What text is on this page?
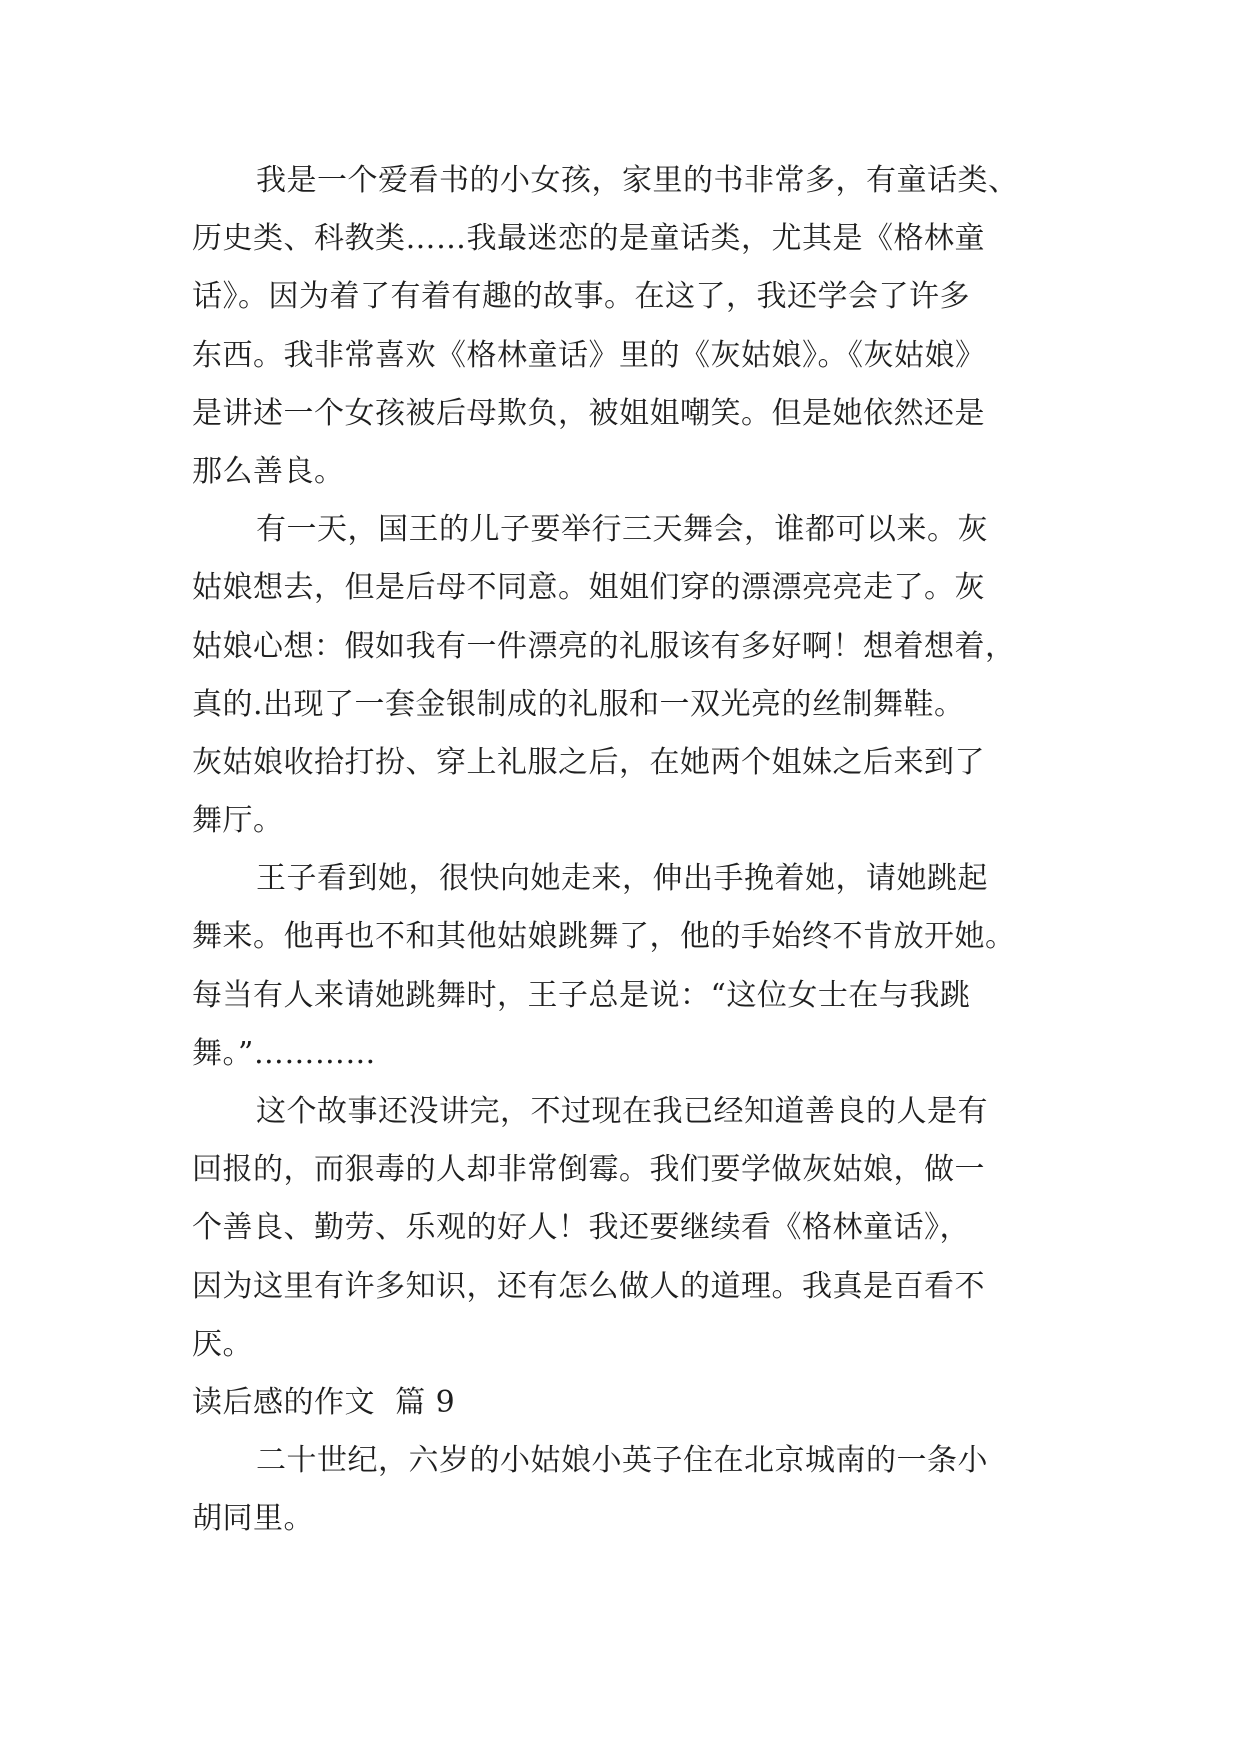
我是一个爱看书的小女孩，家里的书非常多，有童话类、
历史类、科教类……我最迷恋的是童话类，尤其是《格林童
话》。因为着了有着有趣的故事。在这了，我还学会了许多
东西。我非常喜欢《格林童话》里的《灰姑娘》。《灰姑娘》
是讲述一个女孩被后母欺负，被姐姐嘲笑。但是她依然还是
那么善良。
有一天，国王的儿子要举行三天舞会，谁都可以来。灰
姑娘想去，但是后母不同意。姐姐们穿的漂漂亮亮走了。灰
姑娘心想：假如我有一件漂亮的礼服该有多好啊！想着想着，
真的.出现了一套金银制成的礼服和一双光亮的丝制舞鞋。
灰姑娘收拾打扮、穿上礼服之后，在她两个姐妹之后来到了
舞厅。
王子看到她，很快向她走来，伸出手挽着她，请她跳起
舞来。他再也不和其他姑娘跳舞了，他的手始终不肯放开她。
每当有人来请她跳舞时，王子总是说：“这位女士在与我跳
舞。”…………
这个故事还没讲完，不过现在我已经知道善良的人是有
回报的，而狠毒的人却非常倒霉。我们要学做灰姑娘，做一
个善良、勤劳、乐观的好人！我还要继续看《格林童话》，
因为这里有许多知识，还有怎么做人的道理。我真是百看不
厌。
读后感的作文  篇 9
二十世纪，六岁的小姑娘小英子住在北京城南的一条小
胡同里。
